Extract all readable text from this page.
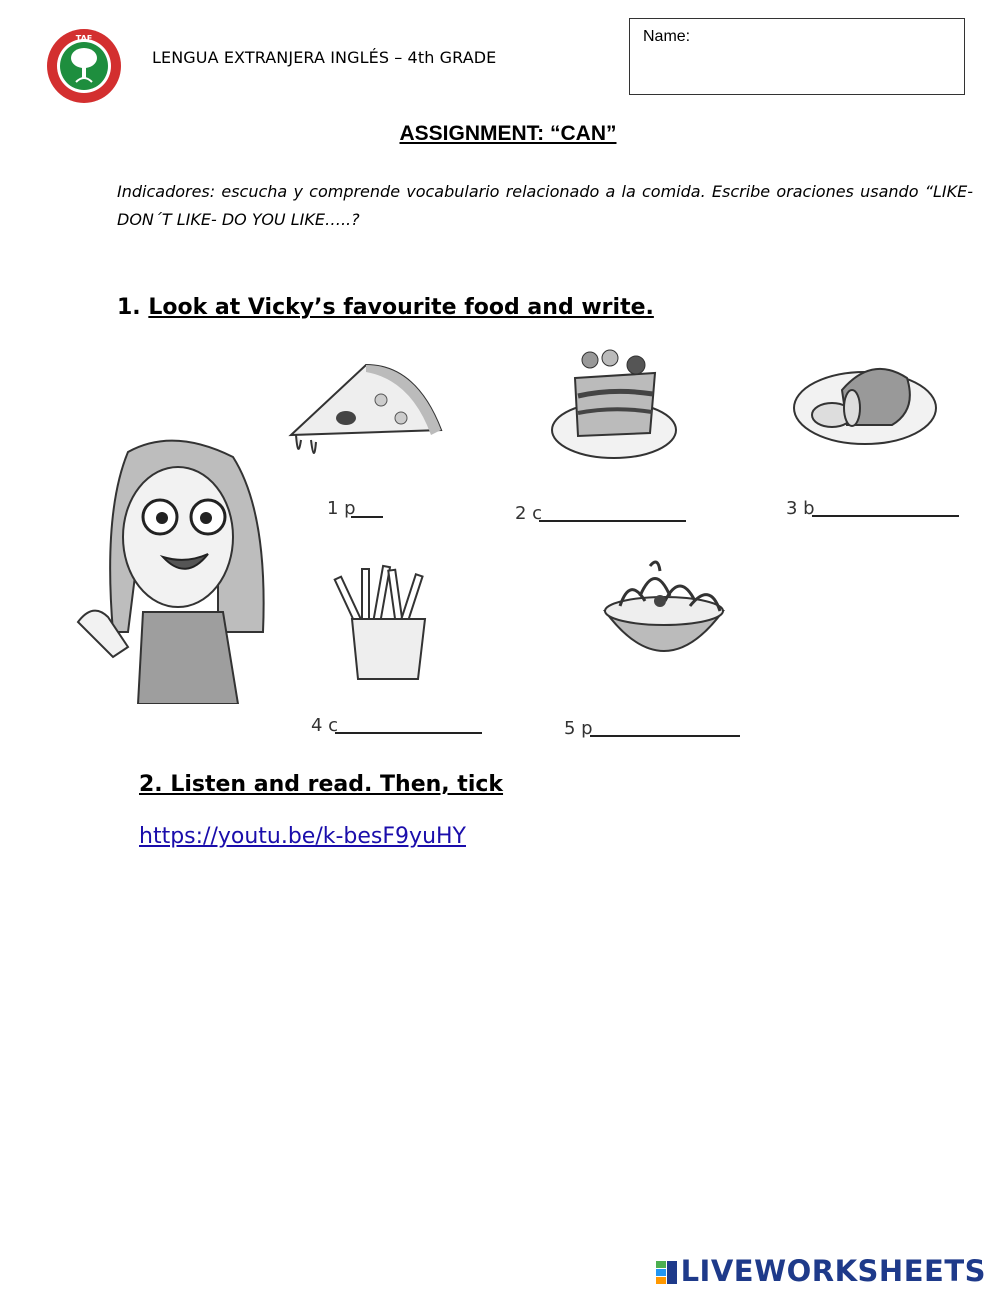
TAE
LENGUA EXTRANJERA INGLÉS – 4th GRADE
Name:
ASSIGNMENT: “CAN”
Indicadores: escucha y comprende vocabulario relacionado a la comida. Escribe oraciones usando “LIKE- DON´T LIKE- DO YOU LIKE…..?
1. Look at Vicky’s favourite food and write.
1 p	2 c	3 b
4 c	5 p
2. Listen and read. Then, tick
https://youtu.be/k-besF9yuHY
LIVEWORKSHEETS
